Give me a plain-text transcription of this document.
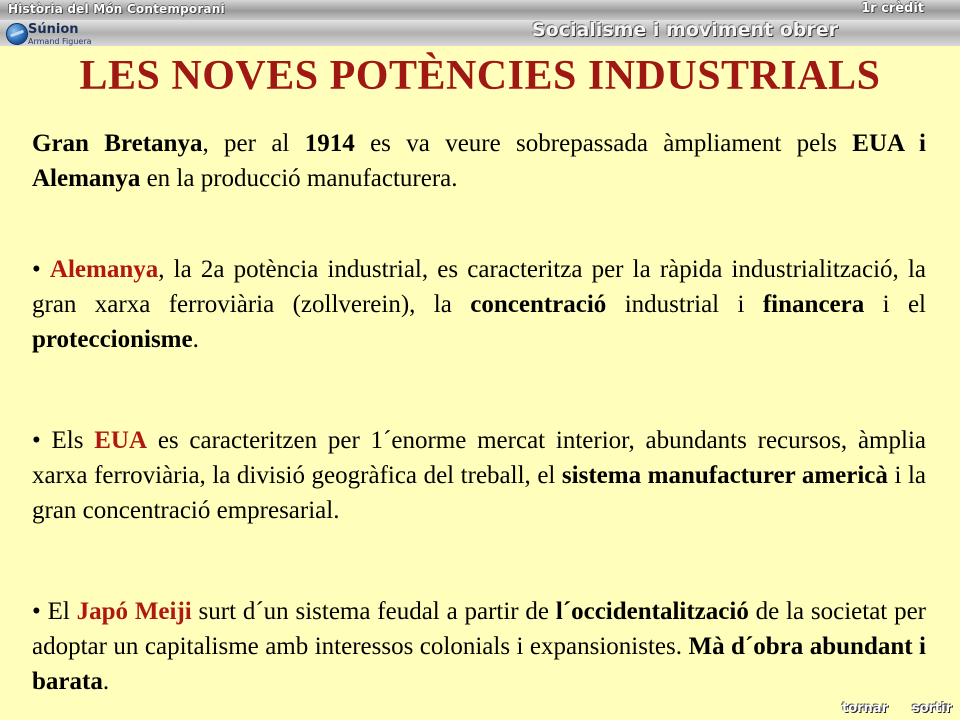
Història del Món Contemporani	1r crèdit
Socialisme i moviment obrer
Súnion
Armand Figuera
LES NOVES POTÈNCIES INDUSTRIALS

Gran Bretanya, per al 1914 es va veure sobrepassada àmpliament pels EUA i Alemanya en la producció manufacturera.

• Alemanya, la 2a potència industrial, es caracteritza per la ràpida industrialització, la gran xarxa ferroviària (zollverein), la concentració industrial i financera i el proteccionisme.

• Els EUA es caracteritzen per 1´enorme mercat interior, abundants recursos, àmplia xarxa ferroviària, la divisió geogràfica del treball, el sistema manufacturer americà i la gran concentració empresarial.

• El Japó Meiji surt d´un sistema feudal a partir de l´occidentalització de la societat per adoptar un capitalisme amb interessos colonials i expansionistes. Mà d´obra abundant i barata.

tornar sortir
